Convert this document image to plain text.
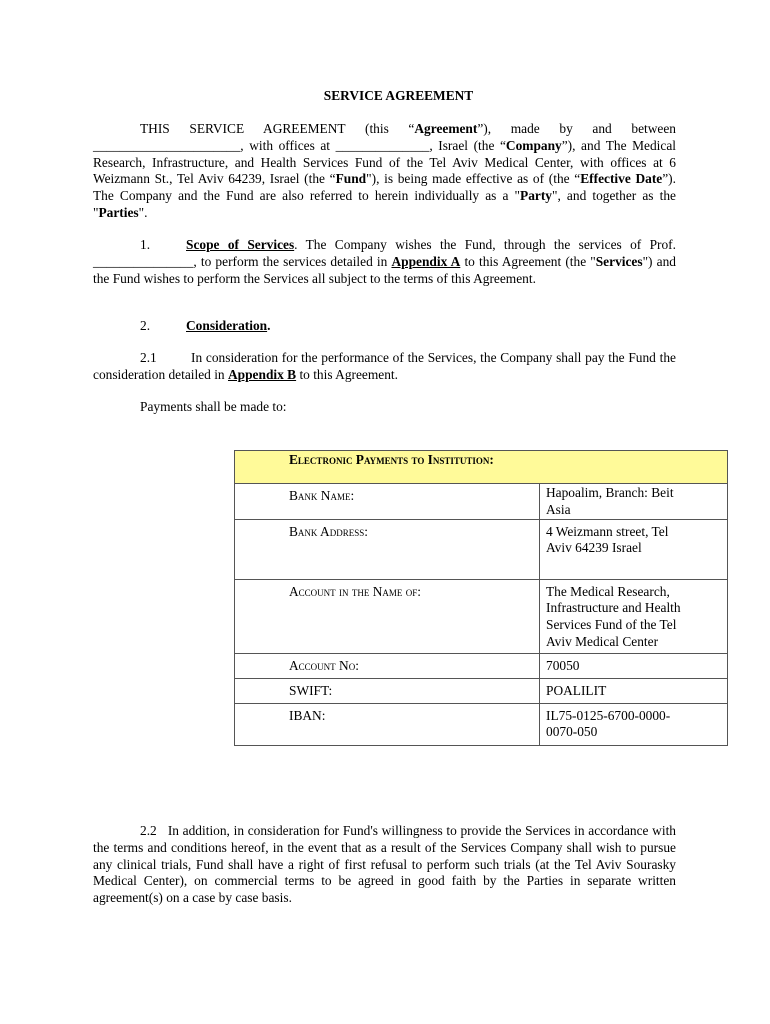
SERVICE AGREEMENT
THIS SERVICE AGREEMENT (this “Agreement”), made by and between ______________________, with offices at ______________, Israel (the “Company”), and The Medical Research, Infrastructure, and Health Services Fund of the Tel Aviv Medical Center, with offices at 6 Weizmann St., Tel Aviv 64239, Israel (the “Fund"), is being made effective as of (the “Effective Date”). The Company and the Fund are also referred to herein individually as a "Party", and together as the "Parties".
1.	Scope of Services. The Company wishes the Fund, through the services of Prof. _______________, to perform the services detailed in Appendix A to this Agreement (the "Services") and the Fund wishes to perform the Services all subject to the terms of this Agreement.
2.	Consideration.
2.1	In consideration for the performance of the Services, the Company shall pay the Fund the consideration detailed in Appendix B to this Agreement.
Payments shall be made to:
Electronic Payments to Institution:	

Bank Name:	Hapoalim, Branch: Beit
Asia

Bank Address:	4 Weizmann street, Tel
Aviv 64239 Israel

Account in the Name of:	The Medical Research,
Infrastructure and Health
Services Fund of the Tel
Aviv Medical Center

Account No:	70050

SWIFT:	POALILIT

IBAN:	IL75-0125-6700-0000-
0070-050
2.2 In addition, in consideration for Fund's willingness to provide the Services in accordance with the terms and conditions hereof, in the event that as a result of the Services Company shall wish to pursue any clinical trials, Fund shall have a right of first refusal to perform such trials (at the Tel Aviv Sourasky Medical Center), on commercial terms to be agreed in good faith by the Parties in separate written agreement(s) on a case by case basis.
